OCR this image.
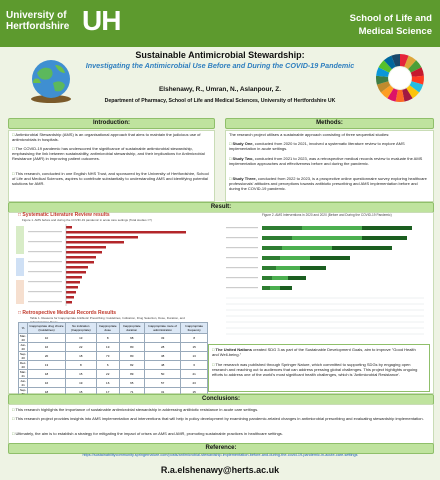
University of Hertfordshire UH	School of Life and
Medical Science
Sustainable Antimicrobial Stewardship:
Investigating the Antimicrobial Use Before and During the COVID-19 Pandemic
Elshenawy, R., Umran, N., Aslanpour, Z.
Department of Pharmacy, School of Life and Medical Sciences, University of Hertfordshire UK
Introduction:
□ Antimicrobial Stewardship (AMS) is an organisational approach that aims to maintain the judicious use of antimicrobials in hospitals.
□ The COVID-19 pandemic has underscored the significance of sustainable antimicrobial stewardship, emphasising the link between sustainability, antimicrobial stewardship, and their implications for Antimicrobial Resistance (AMR) in improving patient outcomes.
□ This research, conducted in one English NHS Trust, and sponsored by the University of Hertfordshire, School of Life and Medical Sciences, aspires to contribute substantially to understanding AMS and identifying potential solutions for AMR.
Methods:
The research project utilises a sustainable approach consisting of three sequential studies:
□ Study One, conducted from 2020 to 2021, involved a systematic literature review to explore AMS implementation in acute settings.
□ Study Two, conducted from 2021 to 2023, was a retrospective medical records review to evaluate the AMS implementation approaches and effectiveness before and during the pandemic.
□ Study Three, conducted from 2022 to 2023, is a prospective online questionnaire survey exploring healthcare professionals' attitudes and perceptions towards antibiotic prescribing and AMS implementation before and during the COVID-19 pandemic.
Result:
□ Systematic Literature Review results
Figure 1. AMS before and during the COVID-19 pandemic in acute care settings (Total studies =?)
Figure 2. AMS Interventions in 2020 and 2020 (Before and During the COVID-19 Pandemic)
□ Retrospective Medical Records Results
Table 1. Reasons for Inappropriate Antibiotic Prescribing: Guidelines, Indication, Drug Selection, Dose, Duration, and
%	Inappropriate drug choice (Guidelines)	No indication (Inappropriate)	Inappropriate dose	Inappropriate duration	Inappropriate route of administration	Inappropriate frequency
Mar-20	10	13	8	68	33	8
Jun-20	16	22	19	80	28	15
Sep-20	20	18	73	80	38	13
Dec-20	13	8	6	82	48	6
Mar-21	18	15	22	89	50	21
Jun-21	16	19	16	65	57	23
Sep-	18	15	17	71	31	15

□ The United Nations created SDG 3 as part of the Sustainable Development Goals, aim to improve "Good Health and Well-being."
□ The research was published through Springer Nature, which committed to supporting SDGs by engaging open research and reaching out to audiences that can address pressing global challenges. This project highlights ongoing efforts to address one of the world's most significant health challenges, which is 'Antimicrobial Resistance'.
Conclusions:
□ This research highlights the importance of sustainable antimicrobial stewardship in addressing antibiotic resistance in acute care settings.
□ This research project provides insights into AMS implementation and interventions that will help in policy development by examining pandemic-related changes in antimicrobial prescribing and evaluating stewardship implementation.
□ Ultimately, the aim is to establish a strategy for mitigating the impact of crises on AMS and AMR, promoting sustainable practices in healthcare settings.
Reference:
https://sustainabilitycommunity.springernature.com/posts/antimicrobial-stewardship-implementation-before-and-during-the-covid-19-pandemic-in-acute-care-settings
R.a.elshenawy@herts.ac.uk
